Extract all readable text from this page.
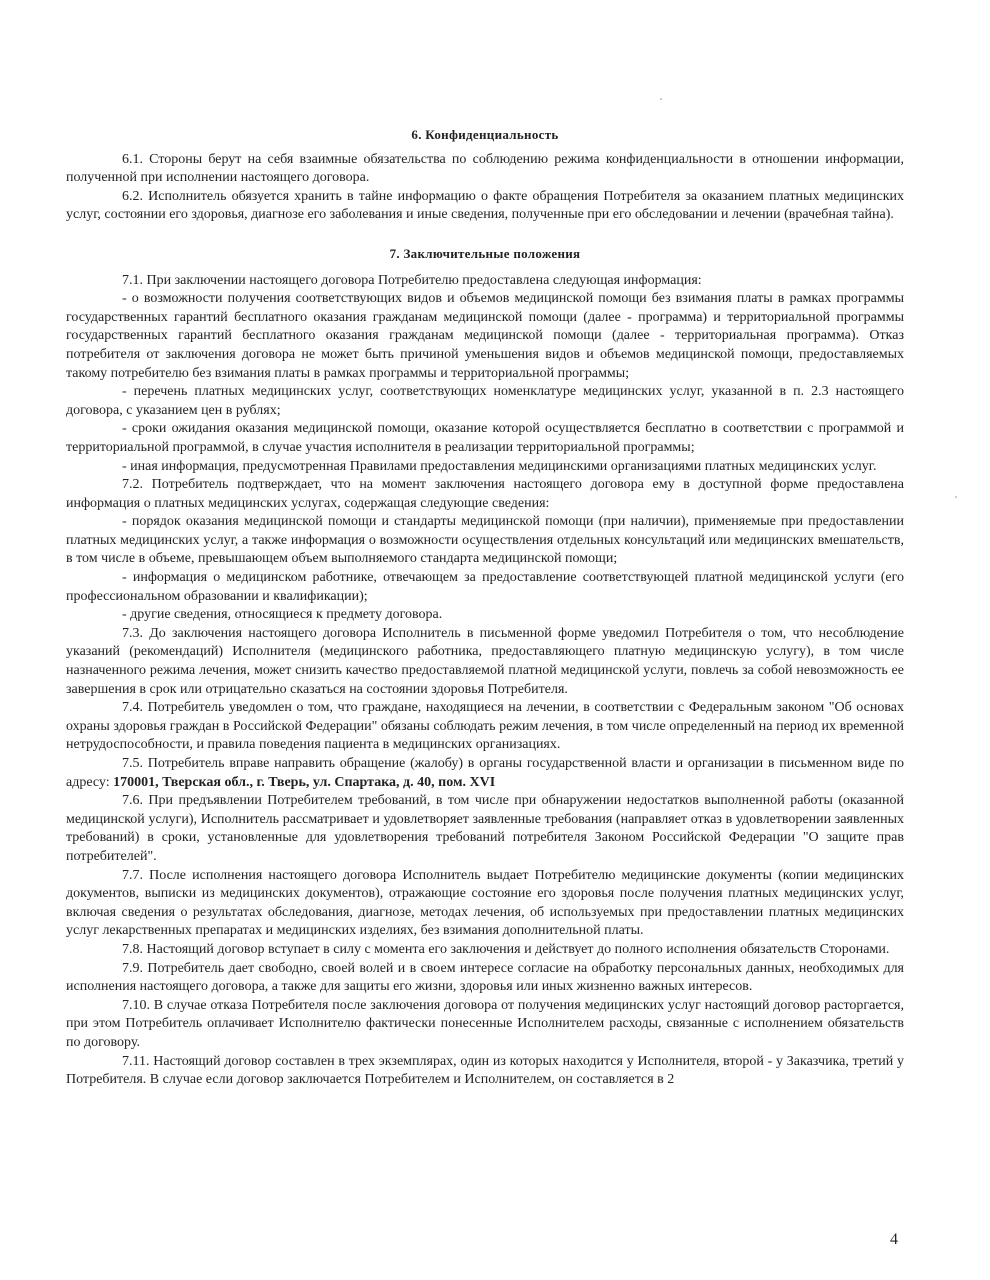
6. Конфиденциальность

6.1. Стороны берут на себя взаимные обязательства по соблюдению режима конфиденциальности в отношении информации, полученной при исполнении настоящего договора.

6.2. Исполнитель обязуется хранить в тайне информацию о факте обращения Потребителя за оказанием платных медицинских услуг, состоянии его здоровья, диагнозе его заболевания и иные сведения, полученные при его обследовании и лечении (врачебная тайна).

7. Заключительные положения

7.1. При заключении настоящего договора Потребителю предоставлена следующая информация:

- о возможности получения соответствующих видов и объемов медицинской помощи без взимания платы в рамках программы государственных гарантий бесплатного оказания гражданам медицинской помощи (далее - программа) и территориальной программы государственных гарантий бесплатного оказания гражданам медицинской помощи (далее - территориальная программа). Отказ потребителя от заключения договора не может быть причиной уменьшения видов и объемов медицинской помощи, предоставляемых такому потребителю без взимания платы в рамках программы и территориальной программы;

- перечень платных медицинских услуг, соответствующих номенклатуре медицинских услуг, указанной в п. 2.3 настоящего договора, с указанием цен в рублях;

- сроки ожидания оказания медицинской помощи, оказание которой осуществляется бесплатно в соответствии с программой и территориальной программой, в случае участия исполнителя в реализации территориальной программы;

- иная информация, предусмотренная Правилами предоставления медицинскими организациями платных медицинских услуг.

7.2. Потребитель подтверждает, что на момент заключения настоящего договора ему в доступной форме предоставлена информация о платных медицинских услугах, содержащая следующие сведения:

- порядок оказания медицинской помощи и стандарты медицинской помощи (при наличии), применяемые при предоставлении платных медицинских услуг, а также информация о возможности осуществления отдельных консультаций или медицинских вмешательств, в том числе в объеме, превышающем объем выполняемого стандарта медицинской помощи;

- информация о медицинском работнике, отвечающем за предоставление соответствующей платной медицинской услуги (его профессиональном образовании и квалификации);

- другие сведения, относящиеся к предмету договора.

7.3. До заключения настоящего договора Исполнитель в письменной форме уведомил Потребителя о том, что несоблюдение указаний (рекомендаций) Исполнителя (медицинского работника, предоставляющего платную медицинскую услугу), в том числе назначенного режима лечения, может снизить качество предоставляемой платной медицинской услуги, повлечь за собой невозможность ее завершения в срок или отрицательно сказаться на состоянии здоровья Потребителя.

7.4. Потребитель уведомлен о том, что граждане, находящиеся на лечении, в соответствии с Федеральным законом "Об основах охраны здоровья граждан в Российской Федерации" обязаны соблюдать режим лечения, в том числе определенный на период их временной нетрудоспособности, и правила поведения пациента в медицинских организациях.

7.5. Потребитель вправе направить обращение (жалобу) в органы государственной власти и организации в письменном виде по адресу: 170001, Тверская обл., г. Тверь, ул. Спартака, д. 40, пом. XVI

7.6. При предъявлении Потребителем требований, в том числе при обнаружении недостатков выполненной работы (оказанной медицинской услуги), Исполнитель рассматривает и удовлетворяет заявленные требования (направляет отказ в удовлетворении заявленных требований) в сроки, установленные для удовлетворения требований потребителя Законом Российской Федерации "О защите прав потребителей".

7.7. После исполнения настоящего договора Исполнитель выдает Потребителю медицинские документы (копии медицинских документов, выписки из медицинских документов), отражающие состояние его здоровья после получения платных медицинских услуг, включая сведения о результатах обследования, диагнозе, методах лечения, об используемых при предоставлении платных медицинских услуг лекарственных препаратах и медицинских изделиях, без взимания дополнительной платы.

7.8. Настоящий договор вступает в силу с момента его заключения и действует до полного исполнения обязательств Сторонами.

7.9. Потребитель дает свободно, своей волей и в своем интересе согласие на обработку персональных данных, необходимых для исполнения настоящего договора, а также для защиты его жизни, здоровья или иных жизненно важных интересов.

7.10. В случае отказа Потребителя после заключения договора от получения медицинских услуг настоящий договор расторгается, при этом Потребитель оплачивает Исполнителю фактически понесенные Исполнителем расходы, связанные с исполнением обязательств по договору.

7.11. Настоящий договор составлен в трех экземплярах, один из которых находится у Исполнителя, второй - у Заказчика, третий у Потребителя. В случае если договор заключается Потребителем и Исполнителем, он составляется в 2

4
